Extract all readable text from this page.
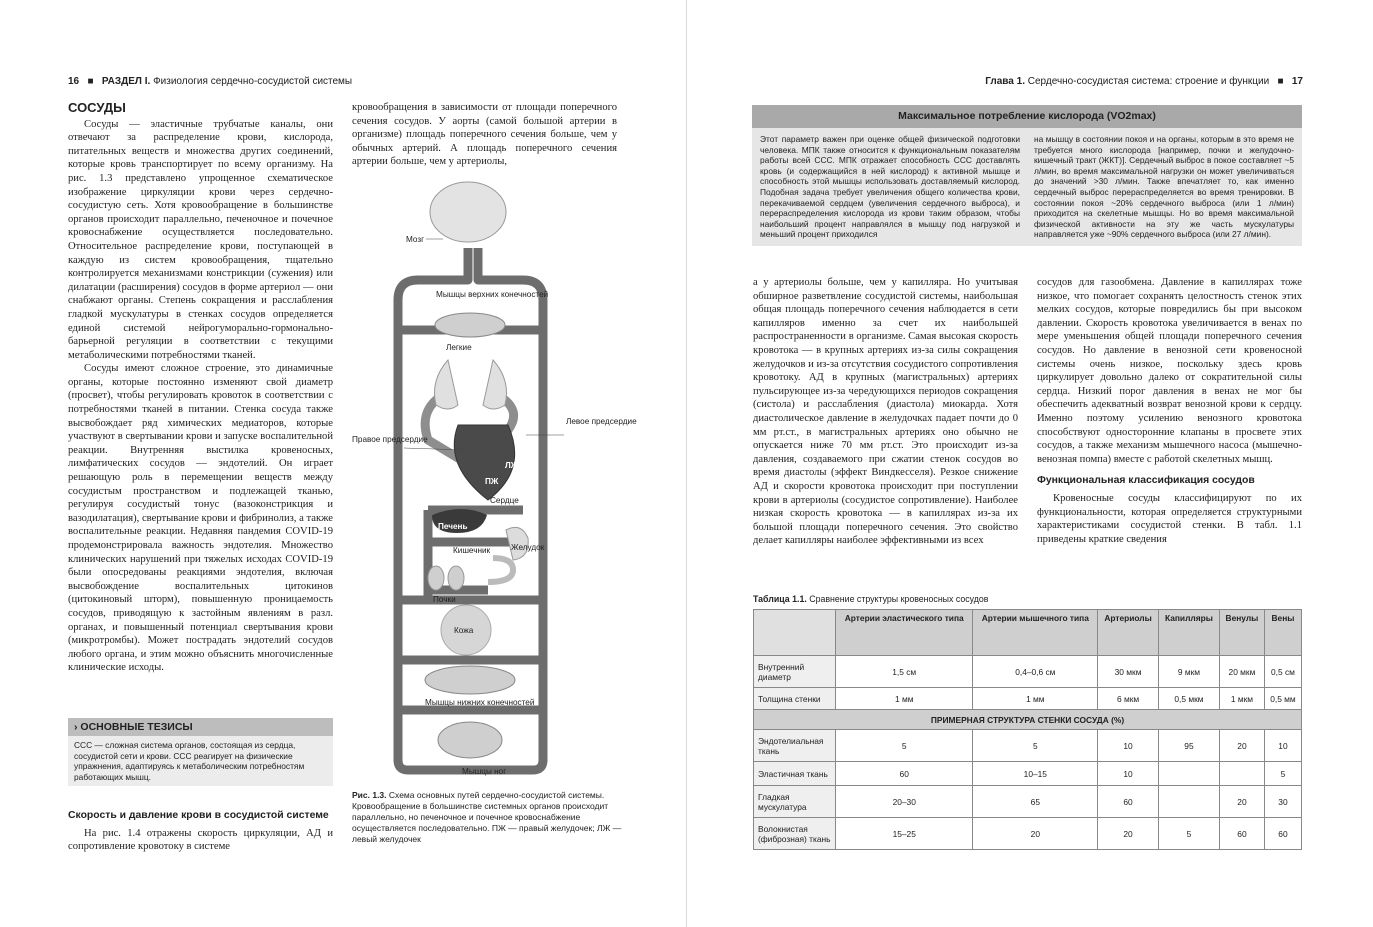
16   ■   РАЗДЕЛ I. Физиология сердечно-сосудистой системы
СОСУДЫ

Сосуды — эластичные трубчатые каналы, они отвечают за распределение крови, кислорода, питательных веществ и множества других соединений, которые кровь транспортирует по всему организму. На рис. 1.3 представлено упрощенное схематическое изображение циркуляции крови через сердечно-сосудистую сеть. Хотя кровообращение в большинстве органов происходит параллельно, печеночное и почечное кровоснабжение осуществляется последовательно. Относительное распределение крови, поступающей в каждую из систем кровообращения, тщательно контролируется механизмами констрикции (сужения) или дилатации (расширения) сосудов в форме артериол — они снабжают органы. Степень сокращения и расслабления гладкой мускулатуры в стенках сосудов определяется единой системой нейрогуморально-гормонально-барьерной регуляции в соответствии с текущими метаболическими потребностями тканей.

Сосуды имеют сложное строение, это динамичные органы, которые постоянно изменяют свой диаметр (просвет), чтобы регулировать кровоток в соответствии с потребностями тканей в питании. Стенка сосуда также высвобождает ряд химических медиаторов, которые участвуют в свертывании крови и запуске воспалительной реакции. Внутренняя выстилка кровеносных, лимфатических сосудов — эндотелий. Он играет решающую роль в перемещении веществ между сосудистым пространством и подлежащей тканью, регулируя сосудистый тонус (вазоконстрикция и вазодилатация), свертывание крови и фибринолиз, а также воспалительные реакции. Недавняя пандемия COVID-19 продемонстрировала важность эндотелия. Множество клинических нарушений при тяжелых исходах COVID-19 были опосредованы реакциями эндотелия, включая высвобождение воспалительных цитокинов (цитокиновый шторм), повышенную проницаемость сосудов, приводящую к застойным явлениям в разл. органах, и повышенный потенциал свертывания крови (микротромбы). Может пострадать эндотелий сосудов любого органа, и этим можно объяснить многочисленные клинические исходы.

› ОСНОВНЫЕ ТЕЗИСЫ
ССС — сложная система органов, состоящая из сердца, сосудистой сети и крови. ССС реагирует на физические упражнения, адаптируясь к метаболическим потребностям работающих мышц.
Скорость и давление крови в сосудистой системе

На рис. 1.4 отражены скорость циркуляции, АД и сопротивление кровотоку в системе

кровообращения в зависимости от площади поперечного сечения сосудов. У аорты (самой большой артерии в организме) площадь поперечного сечения больше, чем у обычных артерий. А площадь поперечного сечения артерии больше, чем у артериолы,

Мозг
Мышцы верхних конечностей
Легкие
ЛЖ
ПЖ
Сердце
Левое предсердие
Правое предсердие
Печень
Желудок
Кишечник
Почки
Кожа
Мышцы нижних конечностей
Мышцы ног
Рис. 1.3. Схема основных путей сердечно-сосудистой системы. Кровообращение в большинстве системных органов происходит параллельно, но печеночное и почечное кровоснабжение осуществляется последовательно. ПЖ — правый желудочек; ЛЖ — левый желудочек
Глава 1. Сердечно-сосудистая система: строение и функции   ■   17
Максимальное потребление кислорода (VO2max)
Этот параметр важен при оценке общей физической подготовки человека. МПК также относится к функциональным показателям работы всей ССС. МПК отражает способность ССС доставлять кровь (и содержащийся в ней кислород) к активной мышце и способность этой мышцы использовать доставляемый кислород. Подобная задача требует увеличения общего количества крови, перекачиваемой сердцем (увеличения сердечного выброса), и перераспределения кислорода из крови таким образом, чтобы наибольший процент направлялся в мышцу под нагрузкой и меньший процент приходился
на мышцу в состоянии покоя и на органы, которым в это время не требуется много кислорода [например, почки и желудочно-кишечный тракт (ЖКТ)]. Сердечный выброс в покое составляет ~5 л/мин, во время максимальной нагрузки он может увеличиваться до значений >30 л/мин. Также впечатляет то, как именно сердечный выброс перераспределяется во время тренировки. В состоянии покоя ~20% сердечного выброса (или 1 л/мин) приходится на скелетные мышцы. Но во время максимальной физической активности на эту же часть мускулатуры направляется уже ~90% сердечного выброса (или 27 л/мин).

а у артериолы больше, чем у капилляра. Но учитывая обширное разветвление сосудистой системы, наибольшая общая площадь поперечного сечения наблюдается в сети капилляров именно за счет их наибольшей распространенности в организме. Самая высокая скорость кровотока — в крупных артериях из-за силы сокращения желудочков и из-за отсутствия сосудистого сопротивления кровотоку. АД в крупных (магистральных) артериях пульсирующее из-за чередующихся периодов сокращения (систола) и расслабления (диастола) миокарда. Хотя диастолическое давление в желудочках падает почти до 0 мм рт.ст., в магистральных артериях оно обычно не опускается ниже 70 мм рт.ст. Это происходит из-за давления, создаваемого при сжатии стенок сосудов во время диастолы (эффект Виндкесселя). Резкое снижение АД и скорости кровотока происходит при поступлении крови в артериолы (сосудистое сопротивление). Наиболее низкая скорость кровотока — в капиллярах из-за их большой площади поперечного сечения. Это свойство делает капилляры наиболее эффективными из всех

сосудов для газообмена. Давление в капиллярах тоже низкое, что помогает сохранять целостность стенок этих мелких сосудов, которые повредились бы при высоком давлении. Скорость кровотока увеличивается в венах по мере уменьшения общей площади поперечного сечения сосудов. Но давление в венозной сети кровеносной системы очень низкое, поскольку здесь кровь циркулирует довольно далеко от сократительной силы сердца. Низкий порог давления в венах не мог бы обеспечить адекватный возврат венозной крови к сердцу. Именно поэтому усилению венозного кровотока способствуют односторонние клапаны в просвете этих сосудов, а также механизм мышечного насоса (мышечно-венозная помпа) вместе с работой скелетных мышц.

Функциональная классификация сосудов

Кровеносные сосуды классифицируют по их функциональности, которая определяется структурными характеристиками сосудистой стенки. В табл. 1.1 приведены краткие сведения

Таблица 1.1. Сравнение структуры кровеносных сосудов
	Артерии эластического типа	Артерии мышечного типа	Артериолы	Капилляры	Венулы	Вены
Внутренний диаметр	1,5 см	0,4–0,6 см	30 мкм	9 мкм	20 мкм	0,5 см
Толщина стенки	1 мм	1 мм	6 мкм	0,5 мкм	1 мкм	0,5 мм
ПРИМЕРНАЯ СТРУКТУРА СТЕНКИ СОСУДА (%)						
Эндотелиальная ткань	5	5	10	95	20	10
Эластичная ткань	60	10–15	10			5
Гладкая мускулатура	20–30	65	60		20	30
Волокнистая (фиброзная) ткань	15–25	20	20	5	60	60
